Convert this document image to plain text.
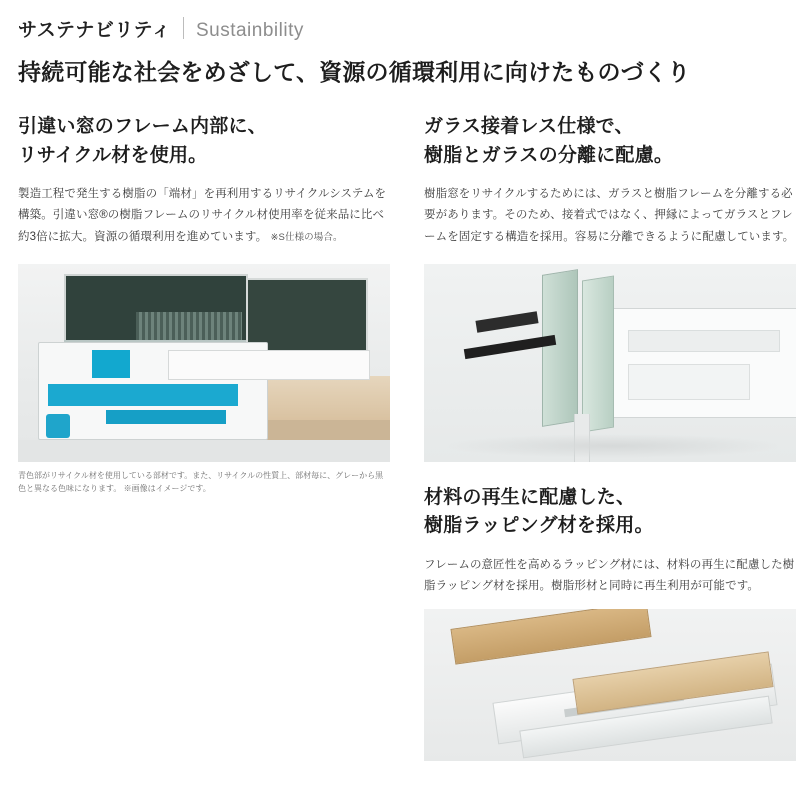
サステナビリティ Sustainbility
持続可能な社会をめざして、資源の循環利用に向けたものづくり
引違い窓のフレーム内部に、
リサイクル材を使用。
製造工程で発生する樹脂の「端材」を再利用するリサイクルシステムを構築。引違い窓®の樹脂フレームのリサイクル材使用率を従来品に比べ約3倍に拡大。資源の循環利用を進めています。 ※S仕様の場合。
青色部がリサイクル材を使用している部材です。また、リサイクルの性質上、部材毎に、グレーから黒色と異なる色味になります。 ※画像はイメージです。
ガラス接着レス仕様で、
樹脂とガラスの分離に配慮。
樹脂窓をリサイクルするためには、ガラスと樹脂フレームを分離する必要があります。そのため、接着式ではなく、押縁によってガラスとフレームを固定する構造を採用。容易に分離できるように配慮しています。
材料の再生に配慮した、
樹脂ラッピング材を採用。
フレームの意匠性を高めるラッピング材には、材料の再生に配慮した樹脂ラッピング材を採用。樹脂形材と同時に再生利用が可能です。
